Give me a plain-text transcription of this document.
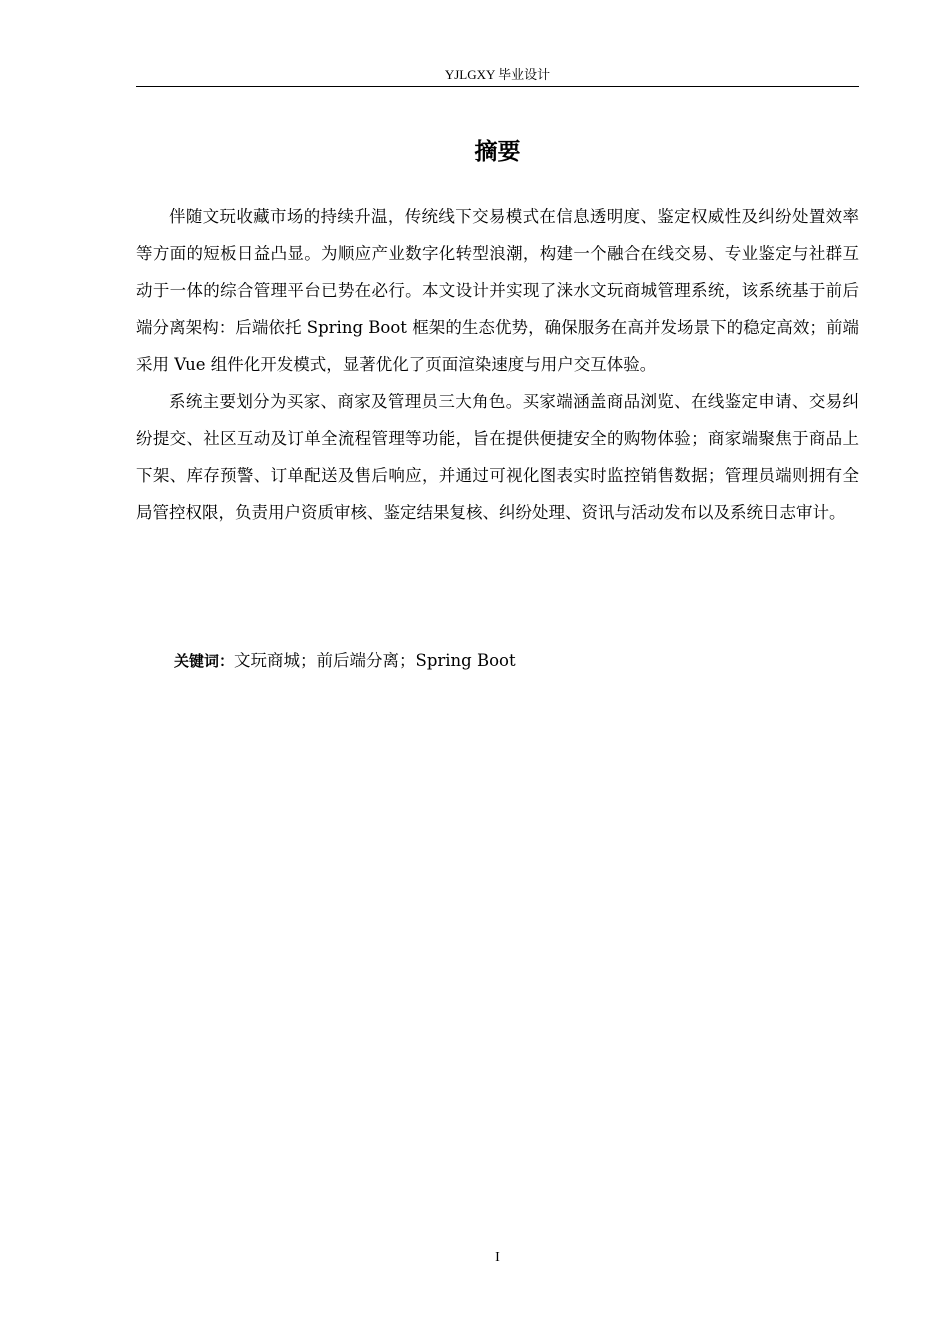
YJLGXY 毕业设计
摘要

伴随文玩收藏市场的持续升温，传统线下交易模式在信息透明度、鉴定权威性及纠纷处置效率等方面的短板日益凸显。为顺应产业数字化转型浪潮，构建一个融合在线交易、专业鉴定与社群互动于一体的综合管理平台已势在必行。本文设计并实现了涞水文玩商城管理系统，该系统基于前后端分离架构：后端依托 Spring Boot 框架的生态优势，确保服务在高并发场景下的稳定高效；前端采用 Vue 组件化开发模式，显著优化了页面渲染速度与用户交互体验。

系统主要划分为买家、商家及管理员三大角色。买家端涵盖商品浏览、在线鉴定申请、交易纠纷提交、社区互动及订单全流程管理等功能，旨在提供便捷安全的购物体验；商家端聚焦于商品上下架、库存预警、订单配送及售后响应，并通过可视化图表实时监控销售数据；管理员端则拥有全局管控权限，负责用户资质审核、鉴定结果复核、纠纷处理、资讯与活动发布以及系统日志审计。

关键词：文玩商城；前后端分离；Spring Boot
I
